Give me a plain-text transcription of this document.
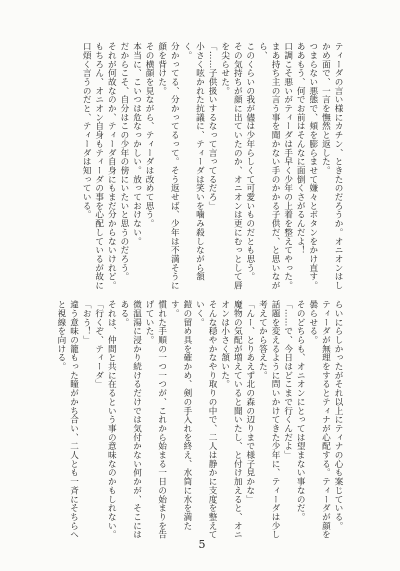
ティーダの言い様にカチン、ときたのだろうか。オニオンはしかめ面で、一言を憮然と返した。
つまらない悪態で、頬を膨らませて嫌々とボタンをかけ直す。
ああもう、何でお前はそんなに面倒くさがるんだよ！
口調こそ悪いがティーダは手早く少年の上着を整えてやった。
まあ持ち主の言う事を聞かない手のかかる子供だ、と思いながら、
このくらいの我が儘は少年らしくて可愛いものだとも思う。
その気持ちが顔に出ていたのか、オニオンは更にむっとして唇を尖らせた。
「……子供扱いするなって言ってるだろ」
小さく呟かれた抗議に、ティーダは笑いを噛み殺しながら頷く。
分かってる、分かってるって。そう返せば、少年は不満そうに顔を背けた。
その横顔を見ながら、ティーダは改めて思う。
本当に、こいつは危なっかしい。放っておけない。
だからこそ、自分はこの少年の傍にいたいと思うのだろう。
それが何故なのか、ティーダ自身にもまだ分からないけれど。
もちろん、オニオン自身もティーダの事を心配しているが故に口煩く言うのだと、ティーダは知っている。
らいにらしかったがそれ以上にティナの心も案じている。
ティーダが無理をするとティナが心配する。ティーダが顔を曇らせる。
そのどちらも、オニオンにとっては望まない事なのだ。
「……で、今日はどこまで行くんだよ」
話題を変えるように問いかけてきた少年に、ティーダは少し考えてから答えた。
「んー、とりあえず北の森の辺りまで様子見かな」
魔物の気配が増えていると聞いたし、と付け加えると、オニオンは小さく頷いた。
そんな穏やかなやり取りの中で、二人は静かに支度を整えていく。
鎧の留め具を確かめ、剣の手入れを終え、水筒に水を満たす。
慣れた手順の一つ一つが、これから始まる一日の始まりを告げていた。
微温湯に浸かり続けるだけでは気付かない何かが、そこにはある。
それは、仲間と共に在るという事の意味なのかもしれない。
「行くぞ、ティーダ」
「おう！」
違う意味の籠もった瞳がかち合い、二人とも一斉にそちらへと視線を向ける。
5
